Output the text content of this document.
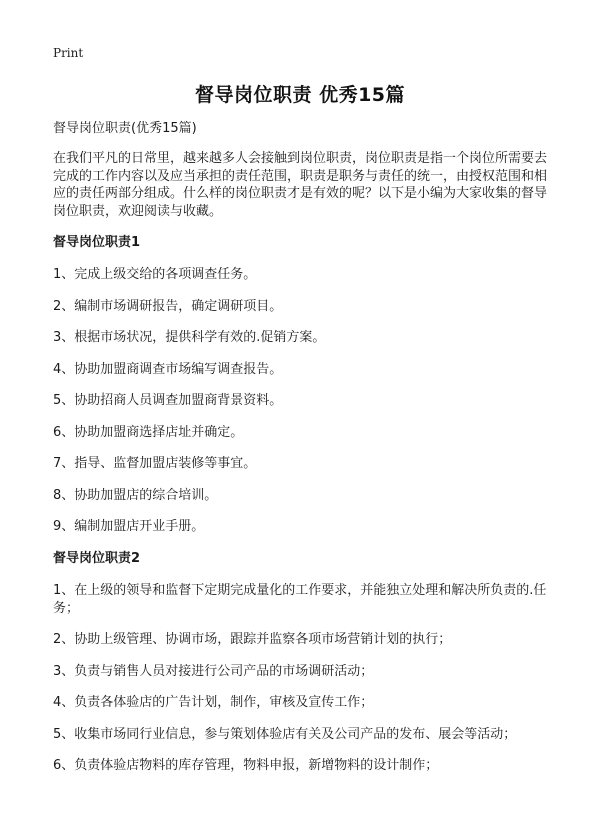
Print
督导岗位职责 优秀15篇

督导岗位职责(优秀15篇)

在我们平凡的日常里，越来越多人会接触到岗位职责，岗位职责是指一个岗位所需要去完成的工作内容以及应当承担的责任范围，职责是职务与责任的统一，由授权范围和相应的责任两部分组成。什么样的岗位职责才是有效的呢？以下是小编为大家收集的督导岗位职责，欢迎阅读与收藏。

督导岗位职责1

1、完成上级交给的各项调查任务。

2、编制市场调研报告，确定调研项目。

3、根据市场状况，提供科学有效的.促销方案。

4、协助加盟商调查市场编写调查报告。

5、协助招商人员调查加盟商背景资料。

6、协助加盟商选择店址并确定。

7、指导、监督加盟店装修等事宜。

8、协助加盟店的综合培训。

9、编制加盟店开业手册。

督导岗位职责2

1、在上级的领导和监督下定期完成量化的工作要求，并能独立处理和解决所负责的.任务；

2、协助上级管理、协调市场，跟踪并监察各项市场营销计划的执行；

3、负责与销售人员对接进行公司产品的市场调研活动；

4、负责各体验店的广告计划，制作，审核及宣传工作；

5、收集市场同行业信息，参与策划体验店有关及公司产品的发布、展会等活动；

6、负责体验店物料的库存管理，物料申报，新增物料的设计制作；
